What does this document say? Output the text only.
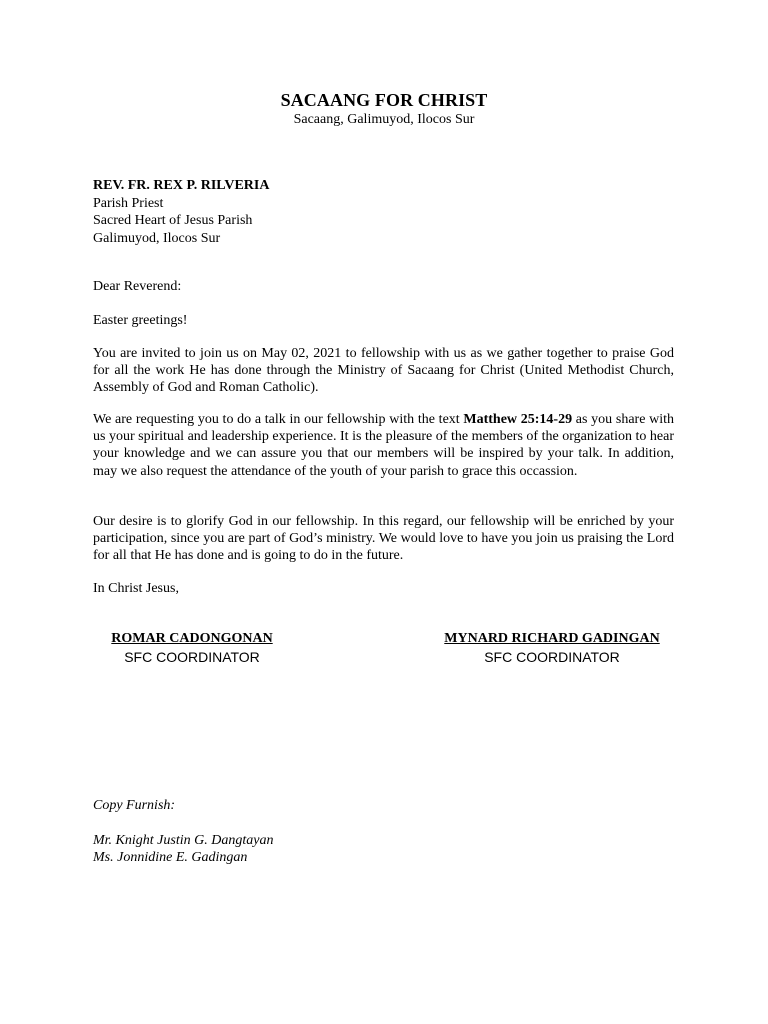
SACAANG FOR CHRIST
Sacaang, Galimuyod, Ilocos Sur
REV. FR. REX P. RILVERIA
Parish Priest
Sacred Heart of Jesus Parish
Galimuyod, Ilocos Sur
Dear Reverend:
Easter greetings!

You are invited to join us on May 02, 2021 to fellowship with us as we gather together to praise God for all the work He has done through the Ministry of Sacaang for Christ (United Methodist Church, Assembly of God and Roman Catholic).

We are requesting you to do a talk in our fellowship with the text Matthew 25:14-29 as you share with us your spiritual and leadership experience. It is the pleasure of the members of the organization to hear your knowledge and we can assure you that our members will be inspired by your talk. In addition, may we also request the attendance of the youth of your parish to grace this occassion.

Our desire is to glorify God in our fellowship. In this regard, our fellowship will be enriched by your participation, since you are part of God’s ministry. We would love to have you join us praising the Lord for all that He has done and is going to do in the future.

In Christ Jesus,
ROMAR CADONGONAN
SFC COORDINATOR
MYNARD RICHARD GADINGAN
SFC COORDINATOR
Copy Furnish:
Mr. Knight Justin G. Dangtayan
Ms. Jonnidine E. Gadingan
